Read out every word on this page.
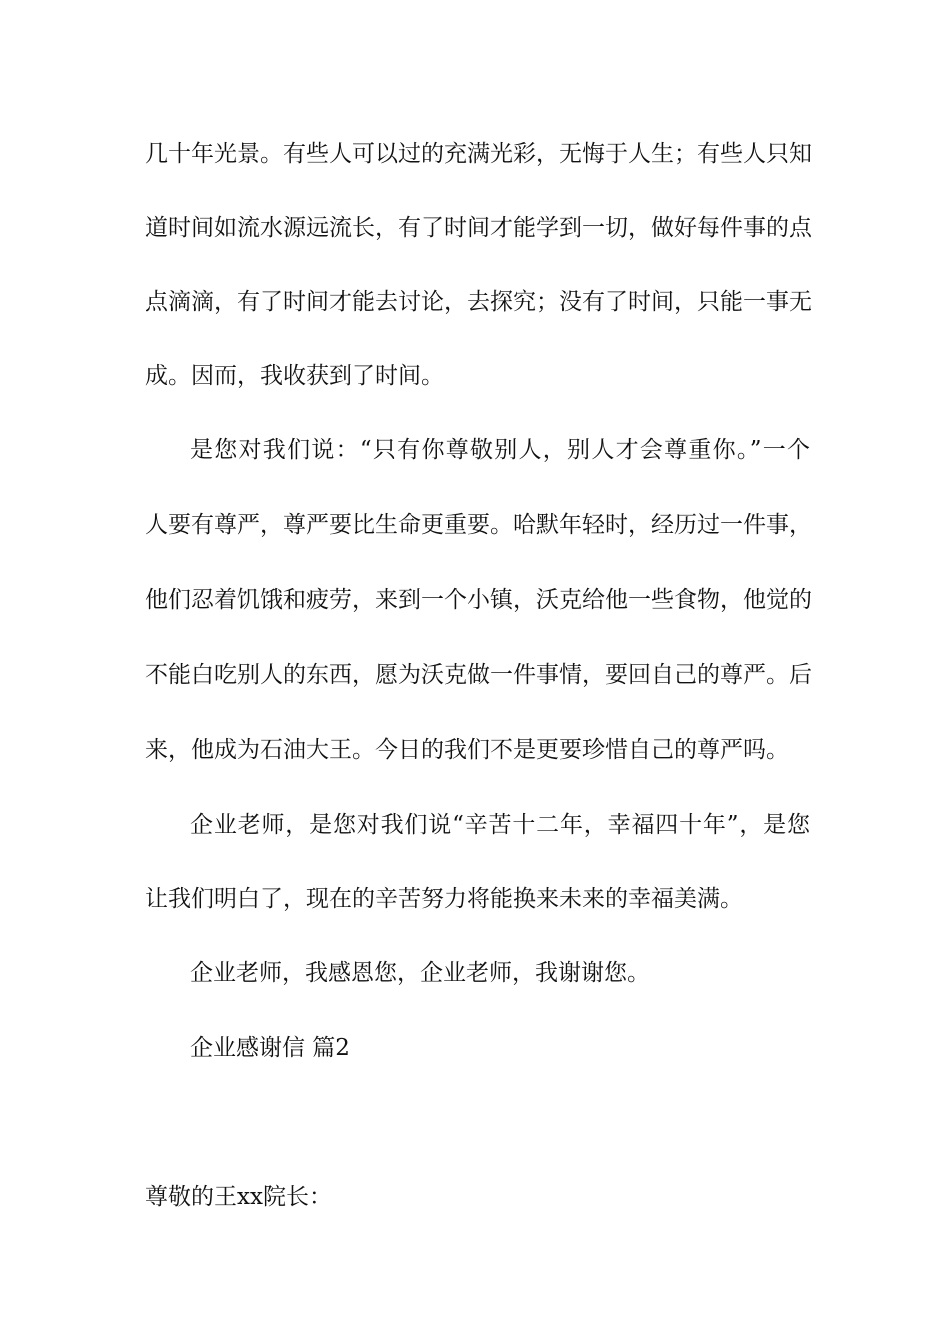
几十年光景。有些人可以过的充满光彩，无悔于人生；有些人只知
道时间如流水源远流长，有了时间才能学到一切，做好每件事的点
点滴滴，有了时间才能去讨论，去探究；没有了时间，只能一事无
成。因而，我收获到了时间。
是您对我们说：“只有你尊敬别人，别人才会尊重你。”一个
人要有尊严，尊严要比生命更重要。哈默年轻时，经历过一件事，
他们忍着饥饿和疲劳，来到一个小镇，沃克给他一些食物，他觉的
不能白吃别人的东西，愿为沃克做一件事情，要回自己的尊严。后
来，他成为石油大王。今日的我们不是更要珍惜自己的尊严吗。
企业老师，是您对我们说“辛苦十二年，幸福四十年”，是您
让我们明白了，现在的辛苦努力将能换来未来的幸福美满。
企业老师，我感恩您，企业老师，我谢谢您。
企业感谢信 篇2
尊敬的王xx院长：
